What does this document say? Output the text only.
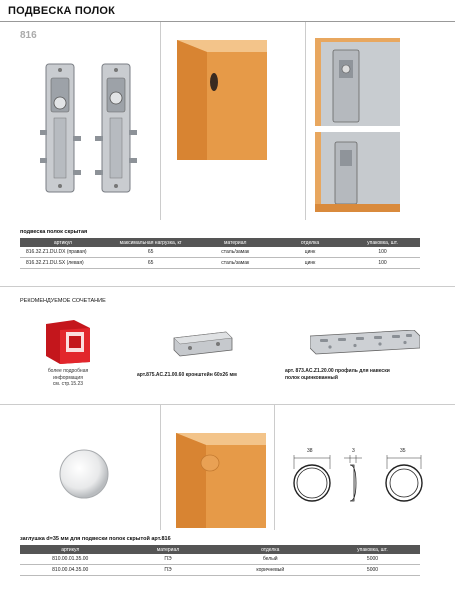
ПОДВЕСКА ПОЛОК
816
подвеска полок скрытая
артикул	максимальная нагрузка, кг	материал	отделка	упаковка, шт.
816.32.Z1.DU.DX (правая)	65	сталь/замак	цинк	100
816.32.Z1.DU.SX (левая)	65	сталь/замак	цинк	100
РЕКОМЕНДУЕМОЕ СОЧЕТАНИЕ
более подробная
информация
см. стр.15.23
арт.875.AC.Z1.00.60 кронштейн 60х26 мм
арт. 873.AC.Z1.20.00 профиль для навески
полок оцинкованный
38	3	35
заглушка d=35 мм для подвески полок скрытой арт.816
артикул	материал	отделка	упаковка, шт.
810.00.01.35.00	ПЭ	белый	5000
810.00.04.35.00	ПЭ	коричневый	5000
